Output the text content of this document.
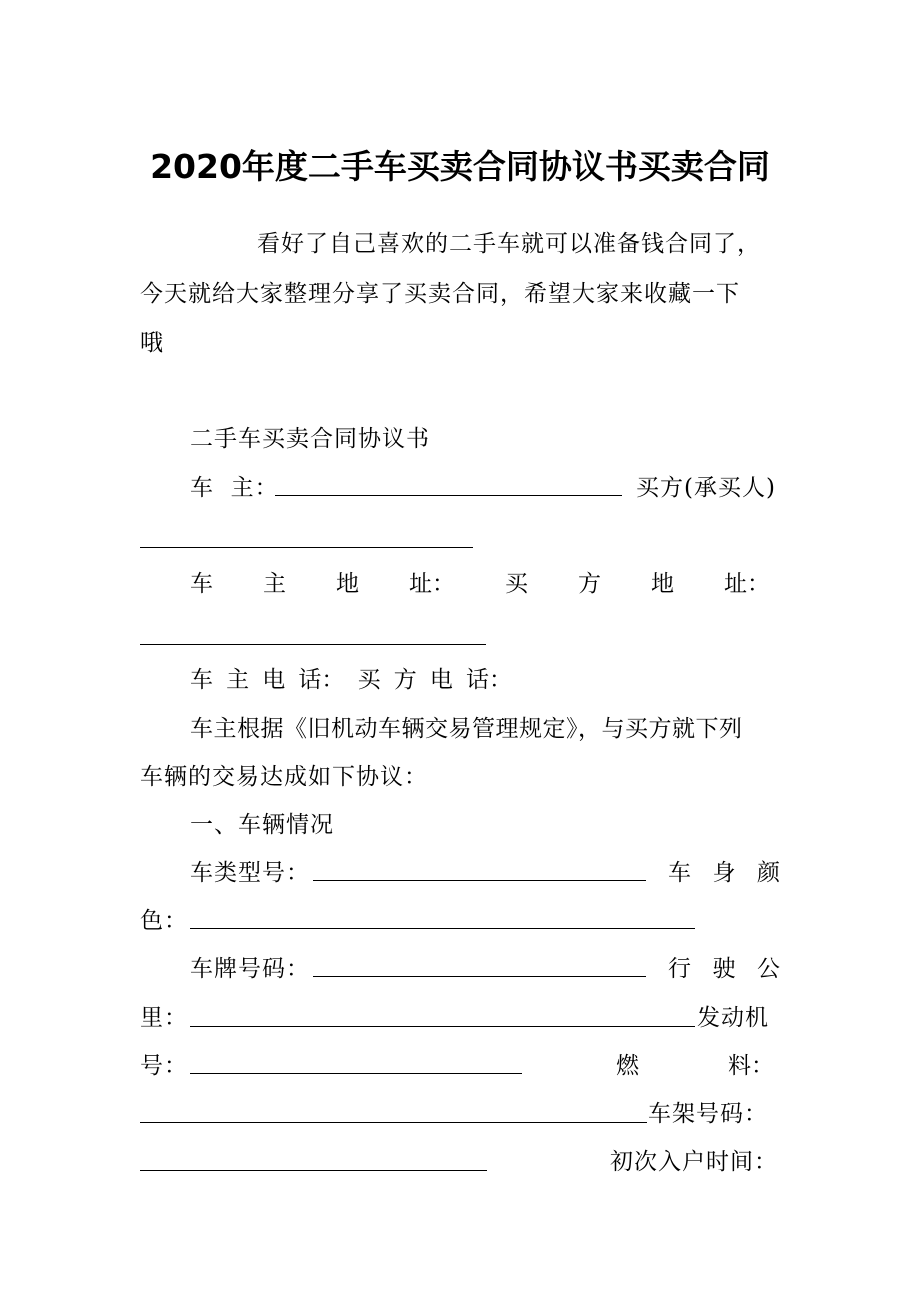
2020年度二手车买卖合同协议书买卖合同
看好了自己喜欢的二手车就可以准备钱合同了，
今天就给大家整理分享了买卖合同，希望大家来收藏一下
哦
二手车买卖合同协议书
车  主：	买方(承买人)
车 主 地 址： 买 方 地 址：
车 主 电 话： 买 方 电 话：
车主根据《旧机动车辆交易管理规定》，与买方就下列
车辆的交易达成如下协议：
一、车辆情况
车类型号：	车 身 颜
色：
车牌号码：	行 驶 公
里：	发动机
号：	燃	料：
车架号码：
初次入户时间：
